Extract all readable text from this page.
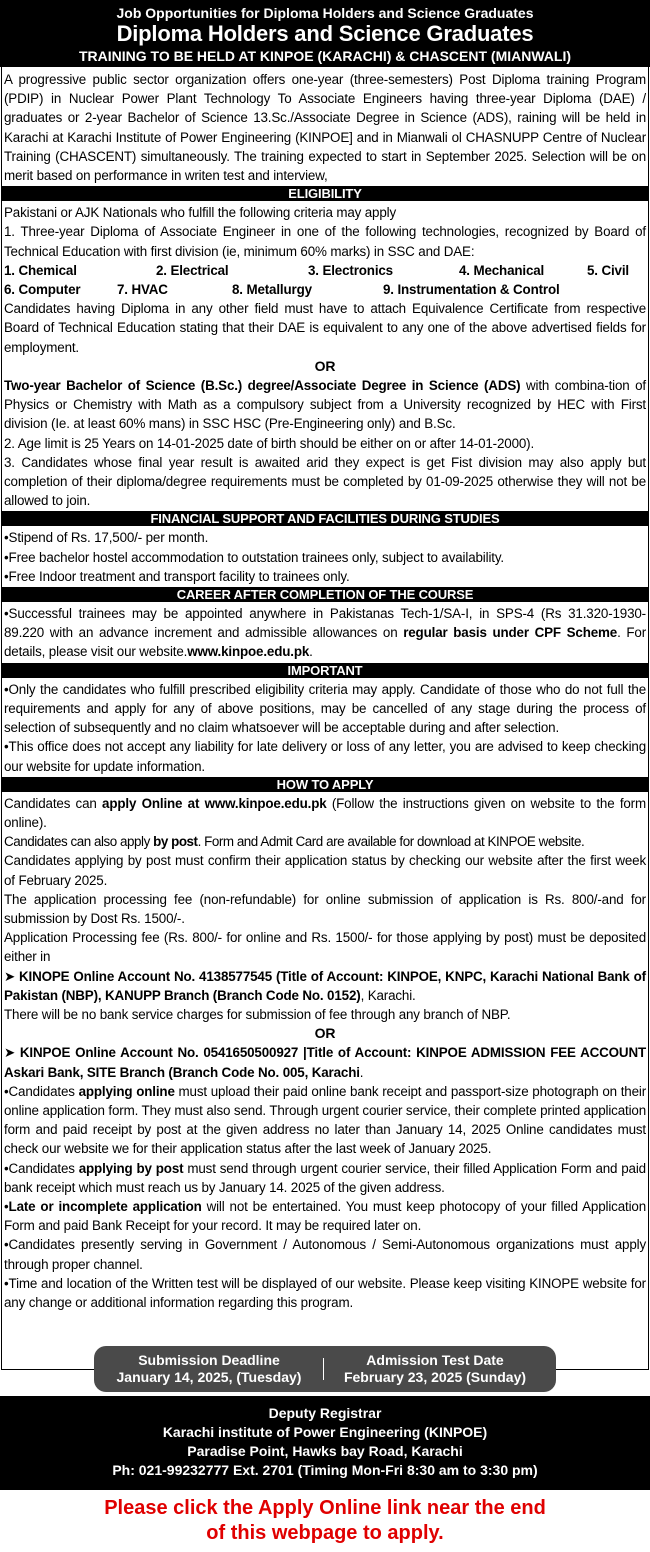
Job Opportunities for Diploma Holders and Science Graduates
Diploma Holders and Science Graduates
TRAINING TO BE HELD AT KINPOE (KARACHI) & CHASCENT (MIANWALI)

A progressive public sector organization offers one-year (three-semesters) Post Diploma training Program (PDIP) in Nuclear Power Plant Technology To Associate Engineers having three-year Diploma (DAE) / graduates or 2-year Bachelor of Science 13.Sc./Associate Degree in Science (ADS), raining will be held in Karachi at Karachi Institute of Power Engineering (KINPOE] and in Mianwali ol CHASNUPP Centre of Nuclear Training (CHASCENT) simultaneously. The training expected to start in September 2025. Selection will be on merit based on performance in writen test and interview,

ELIGIBILITY

Pakistani or AJK Nationals who fulfill the following criteria may apply

1. Three-year Diploma of Associate Engineer in one of the following technologies, recognized by Board of Technical Education with first division (ie, minimum 60% marks) in SSC and DAE:

1. Chemical	2. Electrical	3. Electronics	4. Mechanical	5. Civil
6. Computer	7. HVAC	8. Metallurgy	9. Instrumentation & Control

Candidates having Diploma in any other field must have to attach Equivalence Certificate from respective Board of Technical Education stating that their DAE is equivalent to any one of the above advertised fields for employment.

OR

Two-year Bachelor of Science (B.Sc.) degree/Associate Degree in Science (ADS) with combina-tion of Physics or Chemistry with Math as a compulsory subject from a University recognized by HEC with First division (Ie. at least 60% mans) in SSC HSC (Pre-Engineering only) and B.Sc.

2. Age limit is 25 Years on 14-01-2025 date of birth should be either on or after 14-01-2000).

3. Candidates whose final year result is awaited arid they expect is get Fist division may also apply but completion of their diploma/degree requirements must be completed by 01-09-2025 otherwise they will not be allowed to join.

FINANCIAL SUPPORT AND FACILITIES DURING STUDIES

•Stipend of Rs. 17,500/- per month.

•Free bachelor hostel accommodation to outstation trainees only, subject to availability.

•Free Indoor treatment and transport facility to trainees only.

CAREER AFTER COMPLETION OF THE COURSE

•Successful trainees may be appointed anywhere in Pakistanas Tech-1/SA-I, in SPS-4 (Rs 31.320-1930-89.220 with an advance increment and admissible allowances on regular basis under CPF Scheme. For details, please visit our website.www.kinpoe.edu.pk.

IMPORTANT

•Only the candidates who fulfill prescribed eligibility criteria may apply. Candidate of those who do not full the requirements and apply for any of above positions, may be cancelled of any stage during the process of selection of subsequently and no claim whatsoever will be acceptable during and after selection.

•This office does not accept any liability for late delivery or loss of any letter, you are advised to keep checking our website for update information.

HOW TO APPLY

Candidates can apply Online at www.kinpoe.edu.pk (Follow the instructions given on website to the form online).

Candidates can also apply by post. Form and Admit Card are available for download at KINPOE website.

Candidates applying by post must confirm their application status by checking our website after the first week of February 2025.

The application processing fee (non-refundable) for online submission of application is Rs. 800/-and for submission by Dost Rs. 1500/-.

Application Processing fee (Rs. 800/- for online and Rs. 1500/- for those applying by post) must be deposited either in

➤ KINOPE Online Account No. 4138577545 (Title of Account: KINPOE, KNPC, Karachi National Bank of Pakistan (NBP), KANUPP Branch (Branch Code No. 0152), Karachi.

There will be no bank service charges for submission of fee through any branch of NBP.

OR

➤ KINPOE Online Account No. 0541650500927 |Title of Account: KINPOE ADMISSION FEE ACCOUNT Askari Bank, SITE Branch (Branch Code No. 005, Karachi.

•Candidates applying online must upload their paid online bank receipt and passport-size photograph on their online application form. They must also send. Through urgent courier service, their complete printed application form and paid receipt by post at the given address no later than January 14, 2025 Online candidates must check our website we for their application status after the last week of January 2025.

•Candidates applying by post must send through urgent courier service, their filled Application Form and paid bank receipt which must reach us by January 14. 2025 of the given address.

•Late or incomplete application will not be entertained. You must keep photocopy of your filled Application Form and paid Bank Receipt for your record. It may be required later on.

•Candidates presently serving in Government / Autonomous / Semi-Autonomous organizations must apply through proper channel.

•Time and location of the Written test will be displayed of our website. Please keep visiting KINOPE website for any change or additional information regarding this program.

Submission Deadline
January 14, 2025, (Tuesday)
Admission Test Date
February 23, 2025 (Sunday)
Deputy Registrar
Karachi institute of Power Engineering (KINPOE)
Paradise Point, Hawks bay Road, Karachi
Ph: 021-99232777 Ext. 2701 (Timing Mon-Fri 8:30 am to 3:30 pm)
Please click the Apply Online link near the end
of this webpage to apply.
